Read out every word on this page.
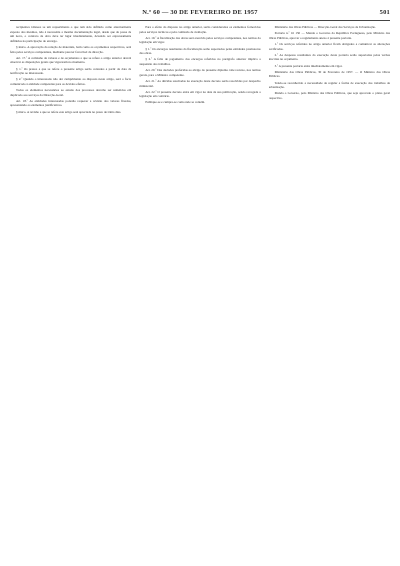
N.º 60 — 30 DE FEVEREIRO DE 1957	501

recipientes idóneos se um requerimento o que tem sido definido como anteriormente exposto dos mesmos, não é necessária a mesma documentação legal, desde que da posse de um novo, o contrato de obra deve ter lugar imediatamente, devendo ser expressamente definidos na participação do encargo.

§ único. A aprovação da relação de materiais, bem como os orçamentos respectivos, será feita pelos serviços competentes, mediante parecer favorável da direcção.

Art. 17.º A comissão de valores e de orçamentos a que se refere o artigo anterior deverá observar as disposições gerais que vigorarem no momento.

§ 1.º Os prazos a que se refere o presente artigo serão contados a partir da data da notificação ao interessado.

§ 2.º Quando o interessado não der cumprimento ao disposto neste artigo, será o facto comunicado à entidade competente para os devidos efeitos.

Todos os elementos necessários ao estudo dos processos deverão ser remetidos em duplicado aos serviços da Direcção-Geral.

Art. 18.º As entidades interessadas poderão requerer a revisão dos valores fixados, apresentando os elementos justificativos.

§ único. A revisão a que se refere este artigo será apreciada no prazo de trinta dias.

Para o efeito do disposto no artigo anterior, serão considerados os elementos fornecidos pelos serviços técnicos e pela comissão de avaliação.

Art. 19.º A fiscalização das obras será exercida pelos serviços competentes, nos termos da legislação em vigor.

§ 1.º Os encargos resultantes da fiscalização serão suportados pelas entidades promotoras das obras.

§ 2.º A falta de pagamento dos encargos referidos no parágrafo anterior implica a suspensão dos trabalhos.

Art. 20.º Das decisões proferidas ao abrigo do presente diploma cabe recurso, nos termos gerais, para o Ministro competente.

Art. 21.º As dúvidas suscitadas na execução deste decreto serão resolvidas por despacho ministerial.

Art. 22.º O presente decreto entra em vigor na data da sua publicação, sendo revogada a legislação em contrário.

Publique-se e cumpra-se como nele se contém.

Ministério das Obras Públicas — Direcção-Geral dos Serviços de Urbanização.

Portaria n.º 16 150 — Manda o Governo da República Portuguesa, pelo Ministro das Obras Públicas, aprovar o regulamento anexo à presente portaria.

1.º Os serviços referidos no artigo anterior ficam obrigados a comunicar as alterações verificadas.

2.º As despesas resultantes da execução desta portaria serão suportadas pelas verbas inscritas no orçamento.

3.º A presente portaria entra imediatamente em vigor.

Ministério das Obras Públicas, 30 de Fevereiro de 1957. — O Ministro das Obras Públicas.

Tendo-se reconhecido a necessidade de regular a forma de execução dos trabalhos de urbanização.

Manda o Governo, pelo Ministro das Obras Públicas, que seja aprovado o plano geral respectivo.
